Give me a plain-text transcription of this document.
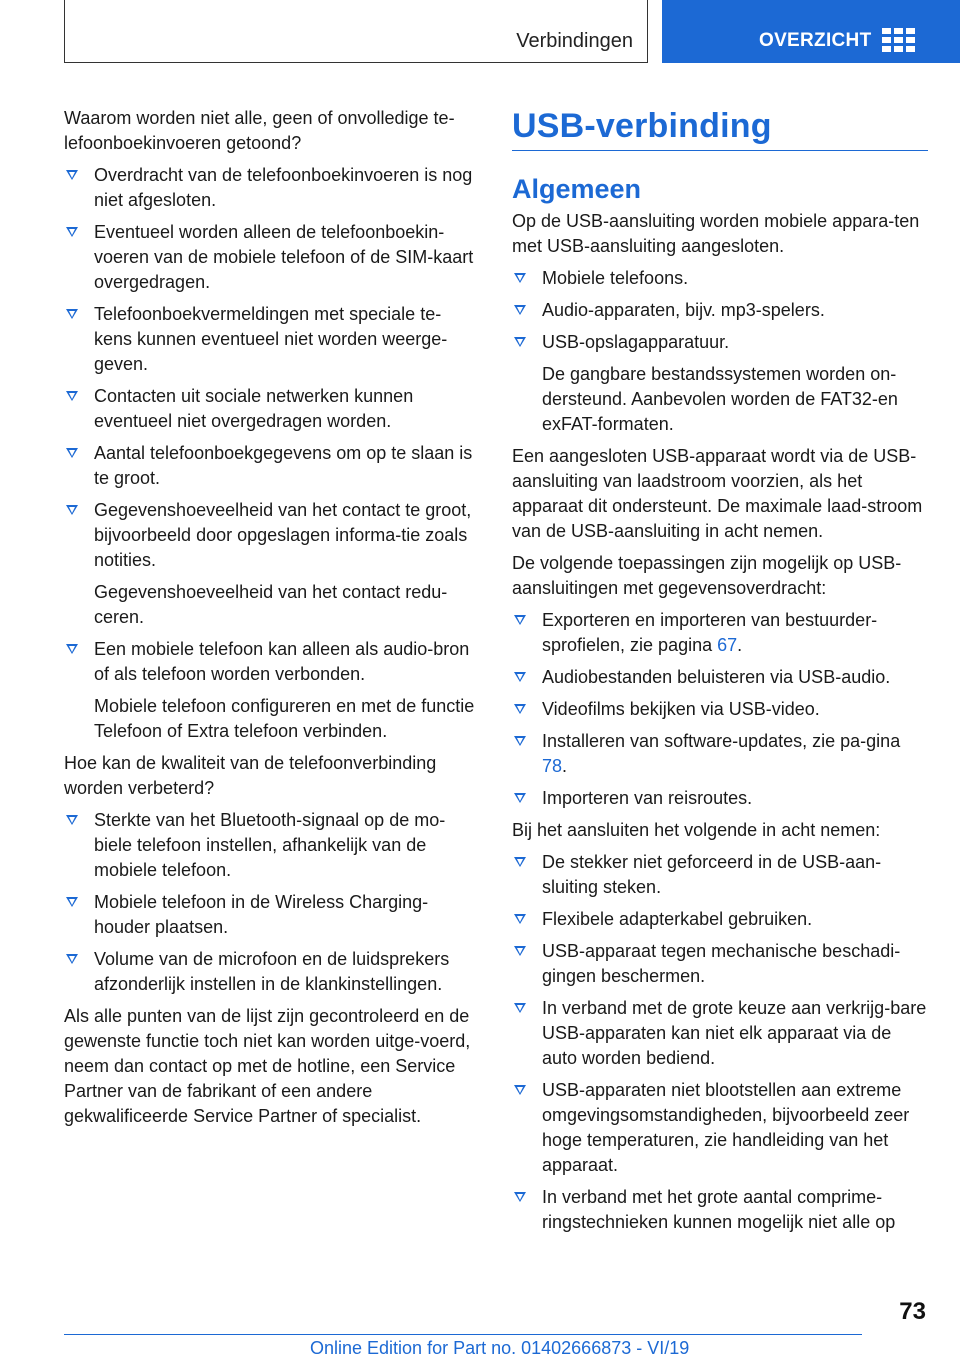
Verbindingen	OVERZICHT

Waarom worden niet alle, geen of onvolledige te-lefoonboekinvoeren getoond?

Overdracht van de telefoonboekinvoeren is nog niet afgesloten.
Eventueel worden alleen de telefoonboekin-voeren van de mobiele telefoon of de SIM-kaart overgedragen.
Telefoonboekvermeldingen met speciale te-kens kunnen eventueel niet worden weerge-geven.
Contacten uit sociale netwerken kunnen eventueel niet overgedragen worden.
Aantal telefoonboekgegevens om op te slaan is te groot.
Gegevenshoeveelheid van het contact te groot, bijvoorbeeld door opgeslagen informa-tie zoals notities.
Gegevenshoeveelheid van het contact redu-ceren.
Een mobiele telefoon kan alleen als audio-bron of als telefoon worden verbonden.
Mobiele telefoon configureren en met de functie Telefoon of Extra telefoon verbinden.

Hoe kan de kwaliteit van de telefoonverbinding worden verbeterd?

Sterkte van het Bluetooth-signaal op de mo-biele telefoon instellen, afhankelijk van de mobiele telefoon.
Mobiele telefoon in de Wireless Charging-houder plaatsen.
Volume van de microfoon en de luidsprekers afzonderlijk instellen in de klankinstellingen.

Als alle punten van de lijst zijn gecontroleerd en de gewenste functie toch niet kan worden uitge-voerd, neem dan contact op met de hotline, een Service Partner van de fabrikant of een andere gekwalificeerde Service Partner of specialist.

USB-verbinding
Algemeen

Op de USB-aansluiting worden mobiele appara-ten met USB-aansluiting aangesloten.

Mobiele telefoons.
Audio-apparaten, bijv. mp3-spelers.
USB-opslagapparatuur.
De gangbare bestandssystemen worden on-dersteund. Aanbevolen worden de FAT32-en exFAT-formaten.

Een aangesloten USB-apparaat wordt via de USB-aansluiting van laadstroom voorzien, als het apparaat dit ondersteunt. De maximale laad-stroom van de USB-aansluiting in acht nemen.

De volgende toepassingen zijn mogelijk op USB-aansluitingen met gegevensoverdracht:

Exporteren en importeren van bestuurder-sprofielen, zie pagina 67.
Audiobestanden beluisteren via USB-audio.
Videofilms bekijken via USB-video.
Installeren van software-updates, zie pa-gina 78.
Importeren van reisroutes.

Bij het aansluiten het volgende in acht nemen:

De stekker niet geforceerd in de USB-aan-sluiting steken.
Flexibele adapterkabel gebruiken.
USB-apparaat tegen mechanische beschadi-gingen beschermen.
In verband met de grote keuze aan verkrijg-bare USB-apparaten kan niet elk apparaat via de auto worden bediend.
USB-apparaten niet blootstellen aan extreme omgevingsomstandigheden, bijvoorbeeld zeer hoge temperaturen, zie handleiding van het apparaat.
In verband met het grote aantal comprime-ringstechnieken kunnen mogelijk niet alle op
73
Online Edition for Part no. 01402666873 - VI/19
